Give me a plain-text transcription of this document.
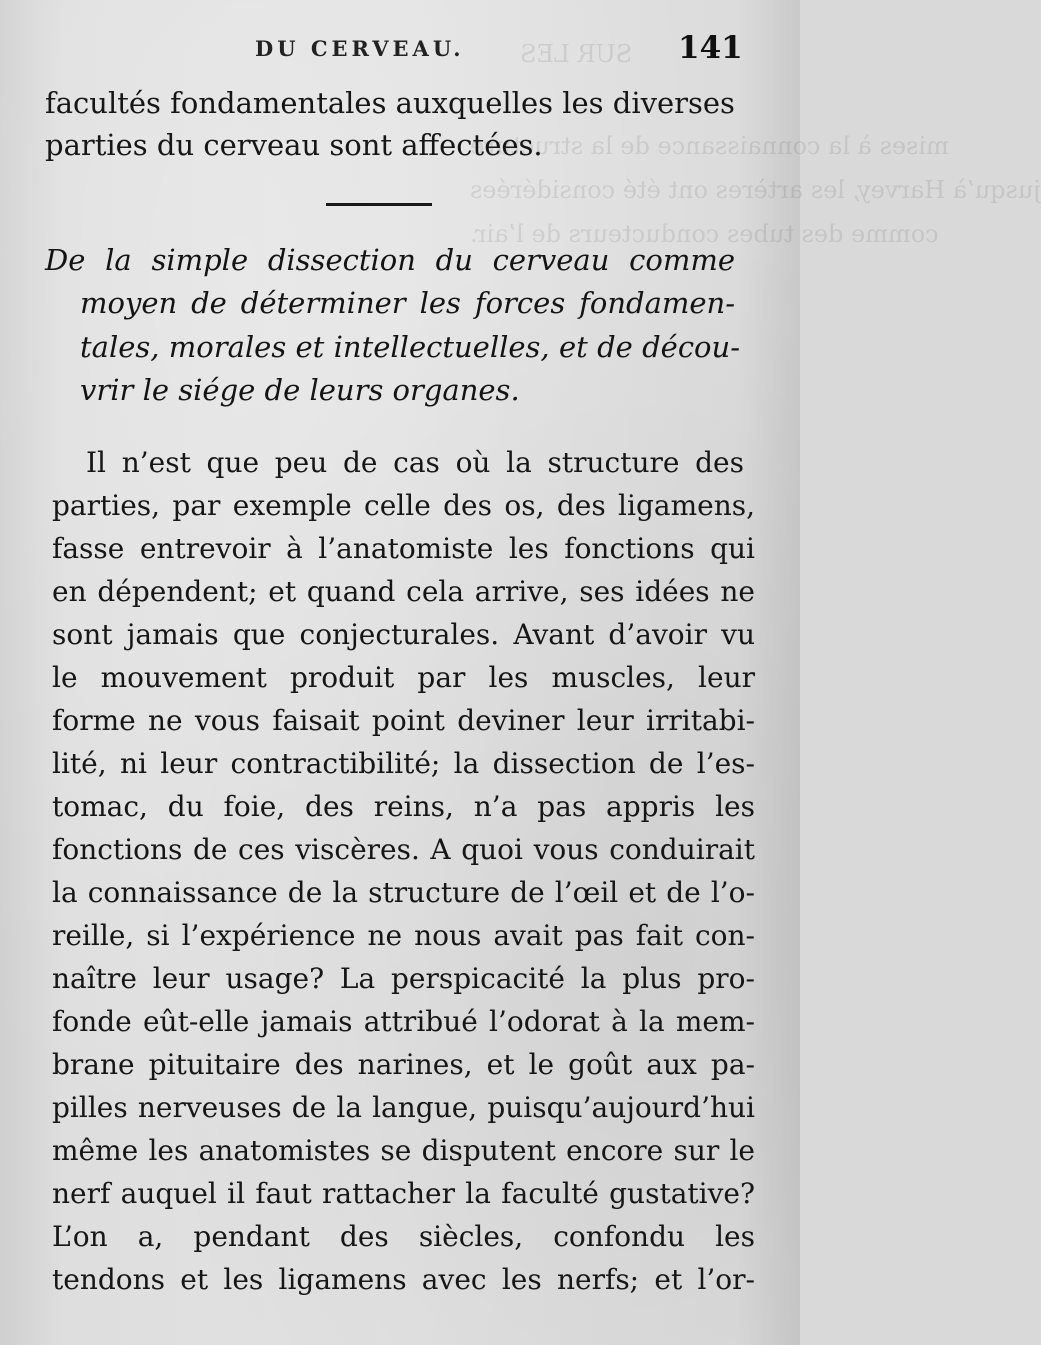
SUR LES
mises à la connaissance de la structure
jusqu’à Harvey, les artères ont été considérées
comme des tubes conducteurs de l’air.
DU CERVEAU.	141
facultés fondamentales auxquelles les diverses
parties du cerveau sont affectées.
De la simple dissection du cerveau comme
moyen de déterminer les forces fondamen-
tales, morales et intellectuelles, et de décou-
vrir le siége de leurs organes.
Il n’est que peu de cas où la structure des
parties, par exemple celle des os, des ligamens,
fasse entrevoir à l’anatomiste les fonctions qui
en dépendent; et quand cela arrive, ses idées ne
sont jamais que conjecturales. Avant d’avoir vu
le mouvement produit par les muscles, leur
forme ne vous faisait point deviner leur irritabi-
lité, ni leur contractibilité; la dissection de l’es-
tomac, du foie, des reins, n’a pas appris les
fonctions de ces viscères. A quoi vous conduirait
la connaissance de la structure de l’œil et de l’o-
reille, si l’expérience ne nous avait pas fait con-
naître leur usage? La perspicacité la plus pro-
fonde eût-elle jamais attribué l’odorat à la mem-
brane pituitaire des narines, et le goût aux pa-
pilles nerveuses de la langue, puisqu’aujourd’hui
même les anatomistes se disputent encore sur le
nerf auquel il faut rattacher la faculté gustative?
L’on a, pendant des siècles, confondu les
tendons et les ligamens avec les nerfs; et l’or-
